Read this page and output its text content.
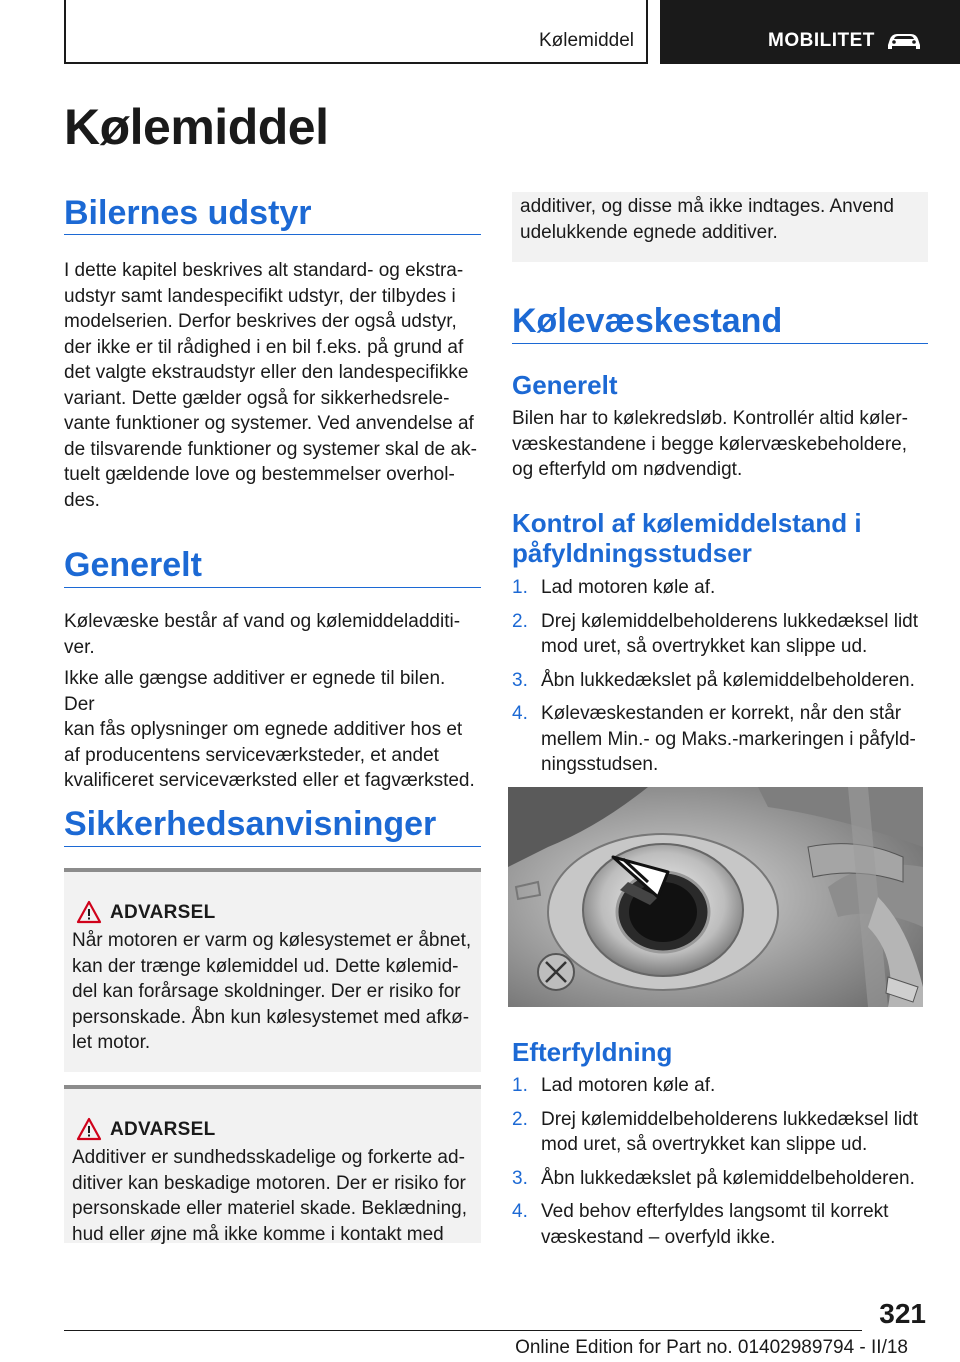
Kølemiddel	MOBILITET
Kølemiddel
Bilernes udstyr
I dette kapitel beskrives alt standard- og ekstra-
udstyr samt landespecifikt udstyr, der tilbydes i
modelserien. Derfor beskrives der også udstyr,
der ikke er til rådighed i en bil f.eks. på grund af
det valgte ekstraudstyr eller den landespecifikke
variant. Dette gælder også for sikkerhedsrele-
vante funktioner og systemer. Ved anvendelse af
de tilsvarende funktioner og systemer skal de ak-
tuelt gældende love og bestemmelser overhol-
des.
Generelt
Kølevæske består af vand og kølemiddeladditi-
ver.
Ikke alle gængse additiver er egnede til bilen. Der
kan fås oplysninger om egnede additiver hos et
af producentens serviceværksteder, et andet
kvalificeret serviceværksted eller et fagværksted.
Sikkerhedsanvisninger
ADVARSEL
Når motoren er varm og kølesystemet er åbnet,
kan der trænge kølemiddel ud. Dette kølemid-
del kan forårsage skoldninger. Der er risiko for
personskade. Åbn kun kølesystemet med afkø-
let motor.
ADVARSEL
Additiver er sundhedsskadelige og forkerte ad-
ditiver kan beskadige motoren. Der er risiko for
personskade eller materiel skade. Beklædning,
hud eller øjne må ikke komme i kontakt med

additiver, og disse må ikke indtages. Anvend
udelukkende egnede additiver.

Kølevæskestand
Generelt
Bilen har to kølekredsløb. Kontrollér altid køler-
væskestandene i begge kølervæskebeholdere,
og efterfyld om nødvendigt.
Kontrol af kølemiddelstand i
påfyldningsstudser
1. Lad motoren køle af.
2. Drej kølemiddelbeholderens lukkedæksel lidt
mod uret, så overtrykket kan slippe ud.
3. Åbn lukkedækslet på kølemiddelbeholderen.
4. Kølevæskestanden er korrekt, når den står
mellem Min.- og Maks.-markeringen i påfyld-
ningsstudsen.
Efterfyldning
1. Lad motoren køle af.
2. Drej kølemiddelbeholderens lukkedæksel lidt
mod uret, så overtrykket kan slippe ud.
3. Åbn lukkedækslet på kølemiddelbeholderen.
4. Ved behov efterfyldes langsomt til korrekt
væskestand – overfyld ikke.
321
Online Edition for Part no. 01402989794 - II/18
